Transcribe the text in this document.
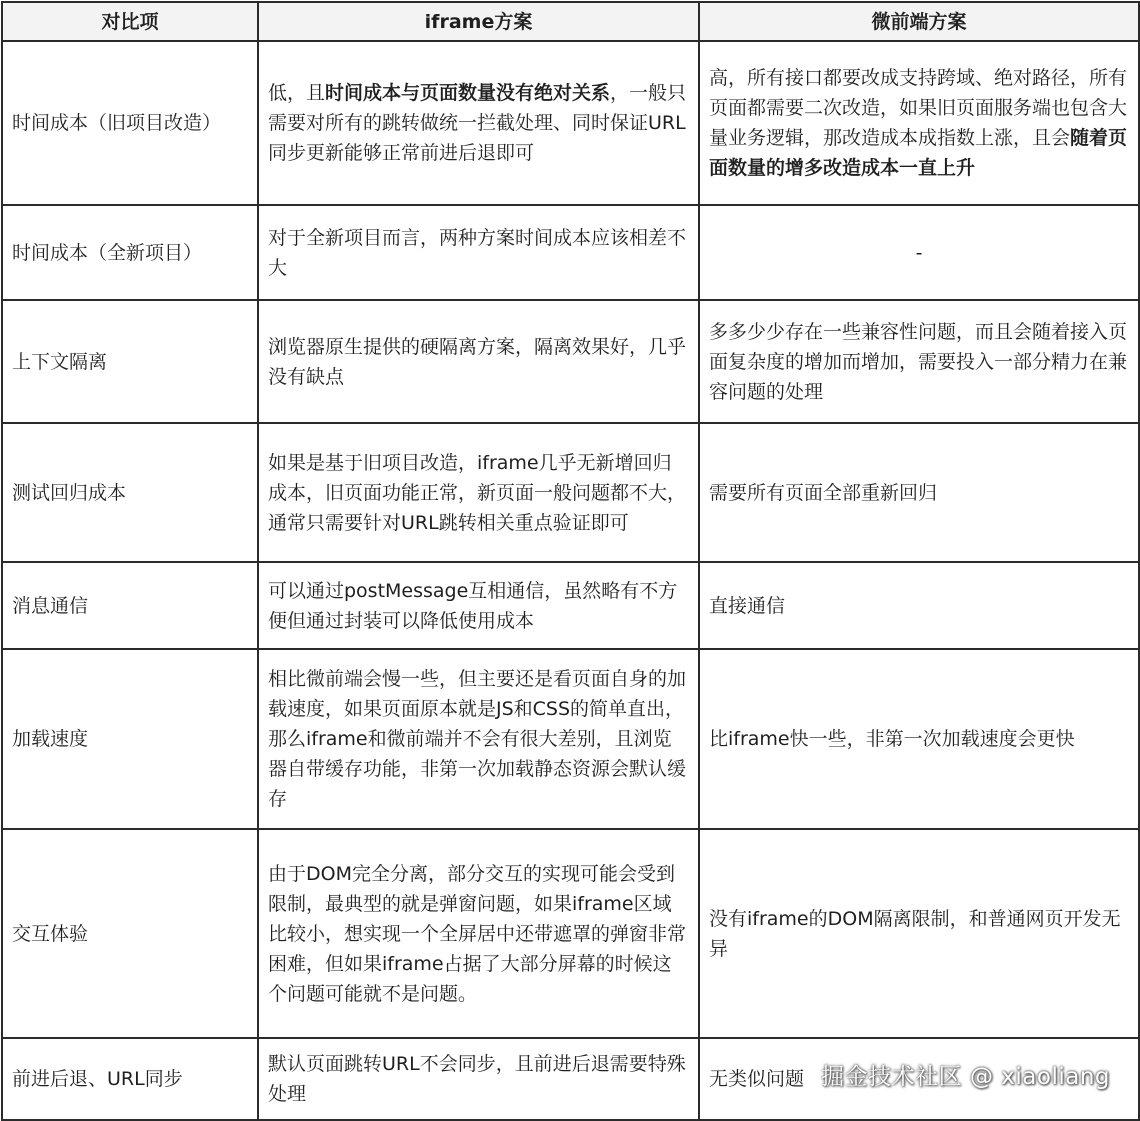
对比项	iframe方案	微前端方案
时间成本（旧项目改造）	低，且时间成本与页面数量没有绝对关系，一般只需要对所有的跳转做统一拦截处理、同时保证URL同步更新能够正常前进后退即可	高，所有接口都要改成支持跨域、绝对路径，所有页面都需要二次改造，如果旧页面服务端也包含大量业务逻辑，那改造成本成指数上涨，且会随着页面数量的增多改造成本一直上升

时间成本（全新项目）	对于全新项目而言，两种方案时间成本应该相差不大	-

上下文隔离	浏览器原生提供的硬隔离方案，隔离效果好，几乎没有缺点	多多少少存在一些兼容性问题，而且会随着接入页面复杂度的增加而增加，需要投入一部分精力在兼容问题的处理

测试回归成本	如果是基于旧项目改造，iframe几乎无新增回归成本，旧页面功能正常，新页面一般问题都不大，通常只需要针对URL跳转相关重点验证即可	需要所有页面全部重新回归

消息通信	可以通过postMessage互相通信，虽然略有不方便但通过封装可以降低使用成本	直接通信

加载速度	相比微前端会慢一些，但主要还是看页面自身的加载速度，如果页面原本就是JS和CSS的简单直出，那么iframe和微前端并不会有很大差别，且浏览器自带缓存功能，非第一次加载静态资源会默认缓存	比iframe快一些，非第一次加载速度会更快

交互体验	由于DOM完全分离，部分交互的实现可能会受到限制，最典型的就是弹窗问题，如果iframe区域比较小，想实现一个全屏居中还带遮罩的弹窗非常困难，但如果iframe占据了大部分屏幕的时候这个问题可能就不是问题。	没有iframe的DOM隔离限制，和普通网页开发无异

前进后退、URL同步	默认页面跳转URL不会同步，且前进后退需要特殊处理	无类似问题 掘金技术社区 @ xiaoliang
